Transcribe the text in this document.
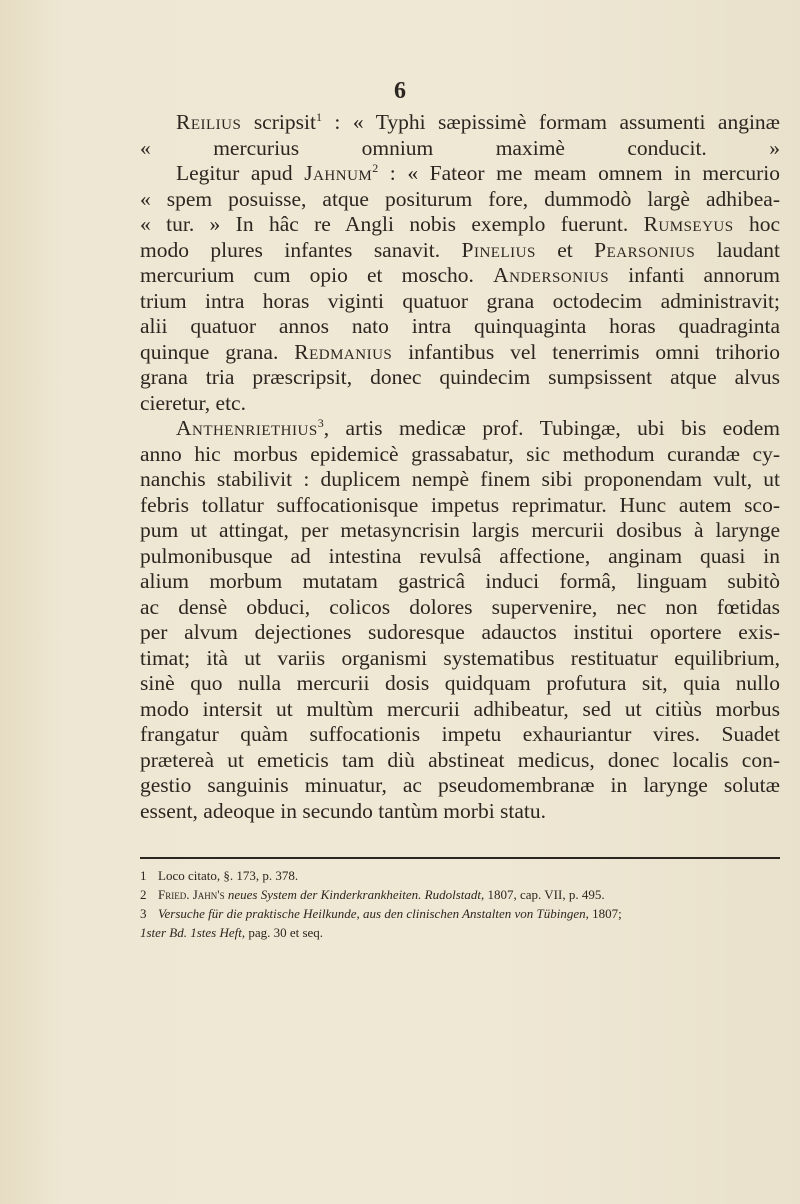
6
Reilius scripsit$^1$ : « Typhi sæpissimè formam assumenti anginæ
« mercurius omnium maximè conducit. »
Legitur apud Jahnum$^2$ : « Fateor me meam omnem in mercurio
« spem posuisse, atque positurum fore, dummodò largè adhibea-
« tur. » In hâc re Angli nobis exemplo fuerunt. Rumseyus hoc
modo plures infantes sanavit. Pinelius et Pearsonius laudant
mercurium cum opio et moscho. Andersonius infanti annorum
trium intra horas viginti quatuor grana octodecim administravit;
alii quatuor annos nato intra quinquaginta horas quadraginta
quinque grana. Redmanius infantibus vel tenerrimis omni trihorio
grana tria præscripsit, donec quindecim sumpsissent atque alvus
cieretur, etc.
Anthenriethius$^3$, artis medicæ prof. Tubingæ, ubi bis eodem
anno hic morbus epidemicè grassabatur, sic methodum curandæ cy-
nanchis stabilivit : duplicem nempè finem sibi proponendam vult, ut
febris tollatur suffocationisque impetus reprimatur. Hunc autem sco-
pum ut attingat, per metasyncrisin largis mercurii dosibus à larynge
pulmonibusque ad intestina revulsâ affectione, anginam quasi in
alium morbum mutatam gastricâ induci formâ, linguam subitò
ac densè obduci, colicos dolores supervenire, nec non fœtidas
per alvum dejectiones sudoresque adauctos institui oportere exis-
timat; ità ut variis organismi systematibus restituatur equilibrium,
sinè quo nulla mercurii dosis quidquam profutura sit, quia nullo
modo intersit ut multùm mercurii adhibeatur, sed ut citiùs morbus
frangatur quàm suffocationis impetu exhauriantur vires. Suadet
prætereà ut emeticis tam diù abstineat medicus, donec localis con-
gestio sanguinis minuatur, ac pseudomembranæ in larynge solutæ
essent, adeoque in secundo tantùm morbi statu.
1 Loco citato, §. 173, p. 378.
2 Fried. Jahn's neues System der Kinderkrankheiten. Rudolstadt, 1807, cap. VII, p. 495.
3 Versuche für die praktische Heilkunde, aus den clinischen Anstalten von Tübingen, 1807;
1ster Bd. 1stes Heft, pag. 30 et seq.
